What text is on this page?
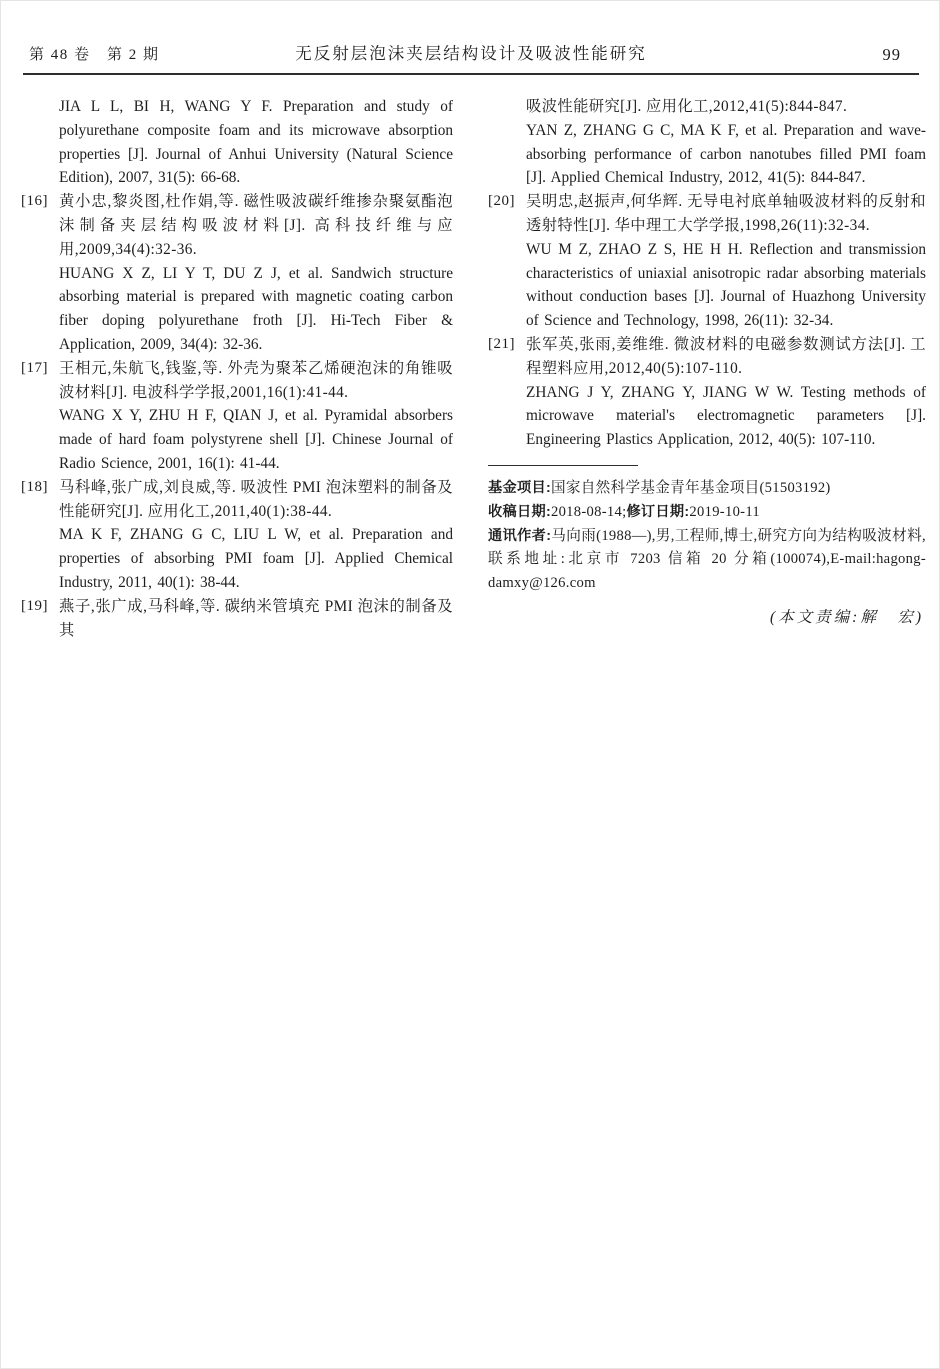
第 48 卷　第 2 期	无反射层泡沫夹层结构设计及吸波性能研究	99

JIA L L, BI H, WANG Y F. Preparation and study of polyurethane composite foam and its microwave absorption properties [J]. Journal of Anhui University (Natural Science Edition), 2007, 31(5): 66-68.

[16] 黄小忠,黎炎图,杜作娟,等. 磁性吸波碳纤维掺杂聚氨酯泡沫制备夹层结构吸波材料[J]. 高科技纤维与应用,2009,34(4):32-36.

HUANG X Z, LI Y T, DU Z J, et al. Sandwich structure absorbing material is prepared with magnetic coating carbon fiber doping polyurethane froth [J]. Hi-Tech Fiber & Application, 2009, 34(4): 32-36.

[17] 王相元,朱航飞,钱鉴,等. 外壳为聚苯乙烯硬泡沫的角锥吸波材料[J]. 电波科学学报,2001,16(1):41-44.

WANG X Y, ZHU H F, QIAN J, et al. Pyramidal absorbers made of hard foam polystyrene shell [J]. Chinese Journal of Radio Science, 2001, 16(1): 41-44.

[18] 马科峰,张广成,刘良威,等. 吸波性 PMI 泡沫塑料的制备及性能研究[J]. 应用化工,2011,40(1):38-44.

MA K F, ZHANG G C, LIU L W, et al. Preparation and properties of absorbing PMI foam [J]. Applied Chemical Industry, 2011, 40(1): 38-44.

[19] 燕子,张广成,马科峰,等. 碳纳米管填充 PMI 泡沫的制备及其

吸波性能研究[J]. 应用化工,2012,41(5):844-847.

YAN Z, ZHANG G C, MA K F, et al. Preparation and wave-absorbing performance of carbon nanotubes filled PMI foam [J]. Applied Chemical Industry, 2012, 41(5): 844-847.

[20] 吴明忠,赵振声,何华辉. 无导电衬底单轴吸波材料的反射和透射特性[J]. 华中理工大学学报,1998,26(11):32-34.

WU M Z, ZHAO Z S, HE H H. Reflection and transmission characteristics of uniaxial anisotropic radar absorbing materials without conduction bases [J]. Journal of Huazhong University of Science and Technology, 1998, 26(11): 32-34.

[21] 张军英,张雨,姜维维. 微波材料的电磁参数测试方法[J]. 工程塑料应用,2012,40(5):107-110.

ZHANG J Y, ZHANG Y, JIANG W W. Testing methods of microwave material's electromagnetic parameters [J]. Engineering Plastics Application, 2012, 40(5): 107-110.

基金项目:国家自然科学基金青年基金项目(51503192)

收稿日期:2018-08-14;修订日期:2019-10-11

通讯作者:马向雨(1988—),男,工程师,博士,研究方向为结构吸波材料,联系地址:北京市 7203 信箱 20 分箱(100074),E-mail:hagong-damxy@126.com

(本文责编:解　宏)
